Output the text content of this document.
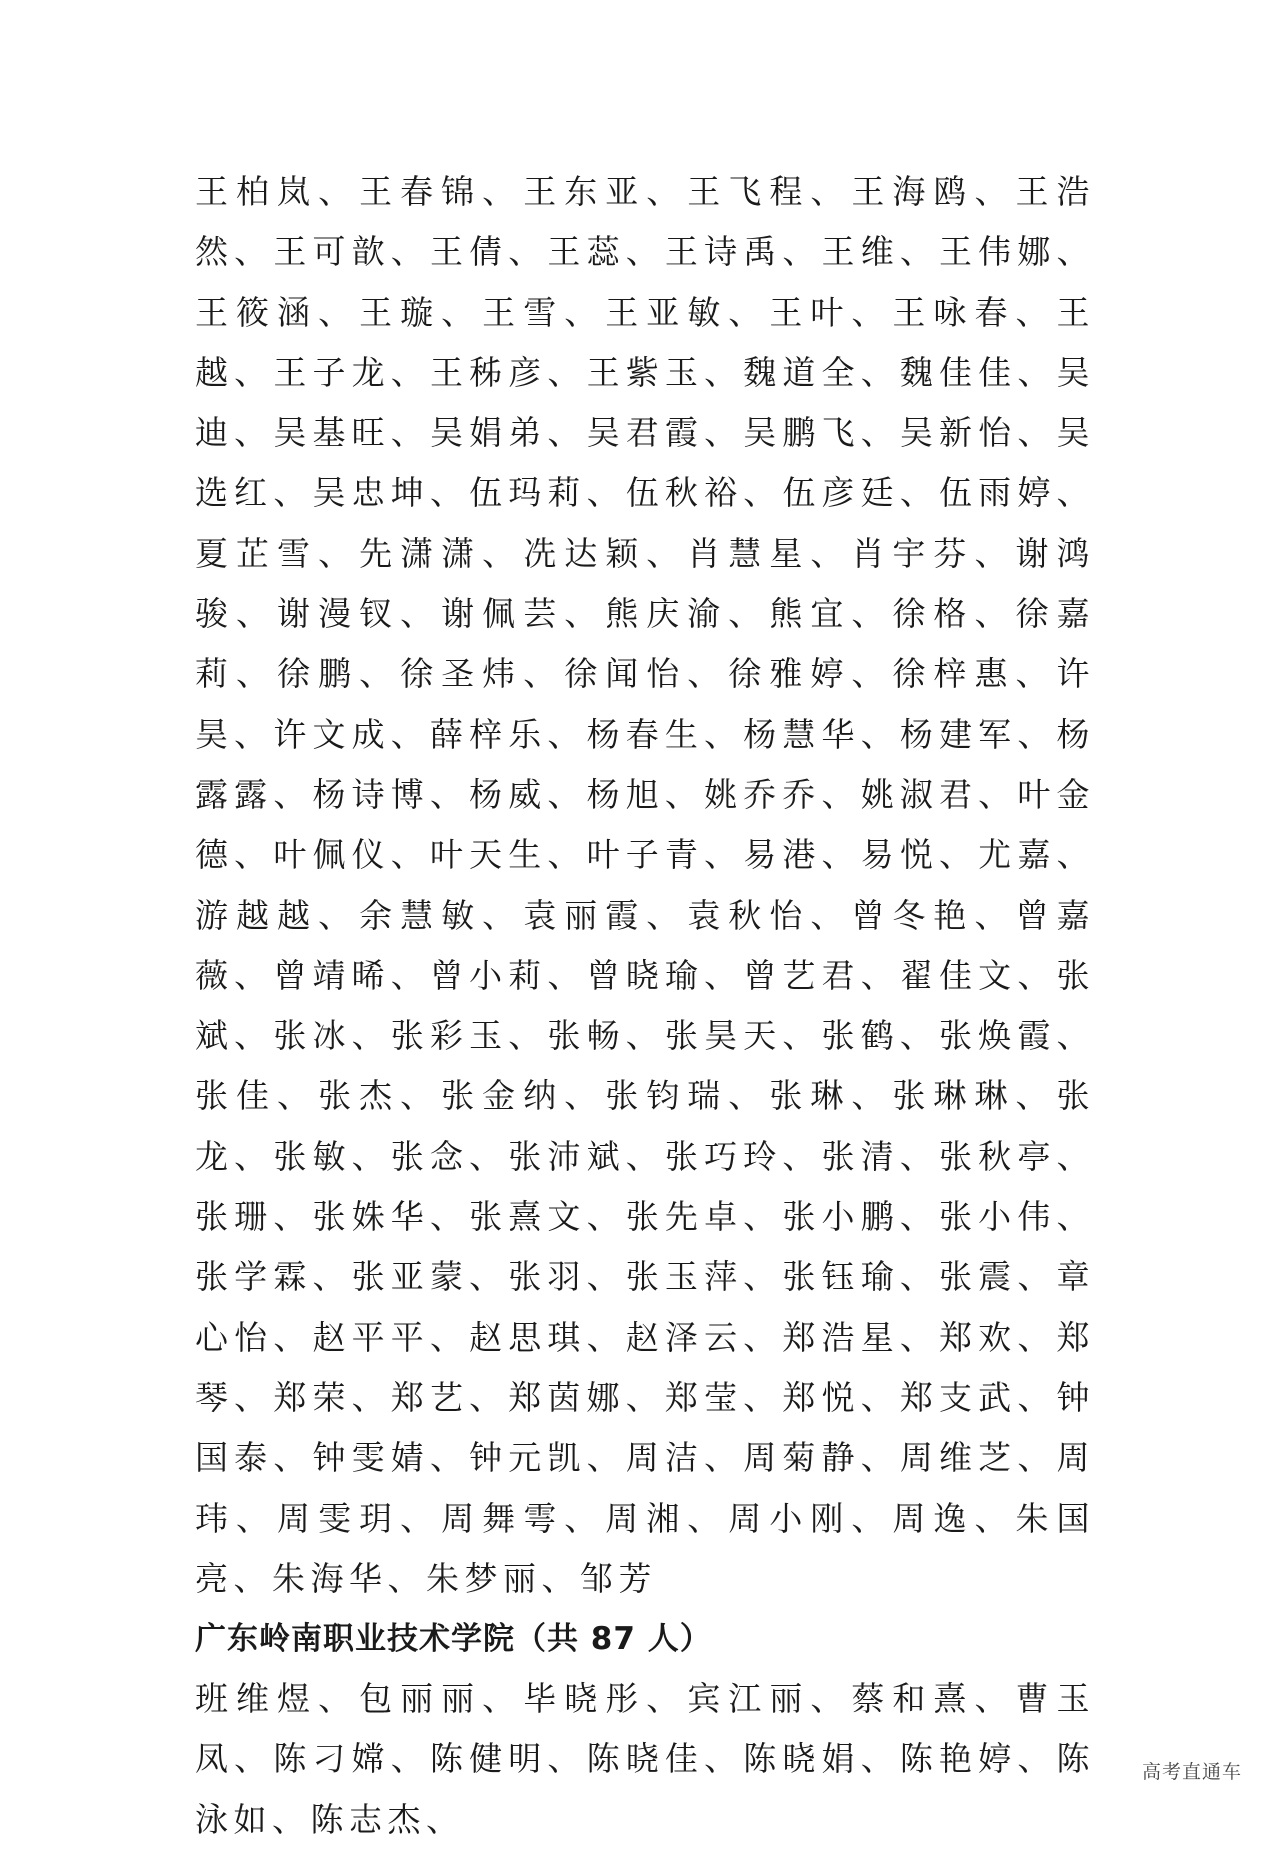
王柏岚、王春锦、王东亚、王飞程、王海鸥、王浩然、王可歆、王倩、王蕊、王诗禹、王维、王伟娜、王筱涵、王璇、王雪、王亚敏、王叶、王咏春、王越、王子龙、王秭彦、王紫玉、魏道全、魏佳佳、吴迪、吴基旺、吴娟弟、吴君霞、吴鹏飞、吴新怡、吴选红、吴忠坤、伍玛莉、伍秋裕、伍彦廷、伍雨婷、夏芷雪、先潇潇、冼达颖、肖慧星、肖宇芬、谢鸿骏、谢漫钗、谢佩芸、熊庆渝、熊宜、徐格、徐嘉莉、徐鹏、徐圣炜、徐闻怡、徐雅婷、徐梓惠、许昊、许文成、薛梓乐、杨春生、杨慧华、杨建军、杨露露、杨诗博、杨威、杨旭、姚乔乔、姚淑君、叶金德、叶佩仪、叶天生、叶子青、易港、易悦、尤嘉、游越越、余慧敏、袁丽霞、袁秋怡、曾冬艳、曾嘉薇、曾靖晞、曾小莉、曾晓瑜、曾艺君、翟佳文、张斌、张冰、张彩玉、张畅、张昊天、张鹤、张焕霞、张佳、张杰、张金纳、张钧瑞、张琳、张琳琳、张龙、张敏、张念、张沛斌、张巧玲、张清、张秋亭、张珊、张姝华、张熹文、张先卓、张小鹏、张小伟、张学霖、张亚蒙、张羽、张玉萍、张钰瑜、张震、章心怡、赵平平、赵思琪、赵泽云、郑浩星、郑欢、郑琴、郑荣、郑艺、郑茵娜、郑莹、郑悦、郑支武、钟国泰、钟雯婧、钟元凯、周洁、周菊静、周维芝、周玮、周雯玥、周舞雩、周湘、周小刚、周逸、朱国亮、朱海华、朱梦丽、邹芳

广东岭南职业技术学院（共 87 人）

班维煜、包丽丽、毕晓彤、宾江丽、蔡和熹、曹玉凤、陈刁嫦、陈健明、陈晓佳、陈晓娟、陈艳婷、陈泳如、陈志杰、

高考直通车
